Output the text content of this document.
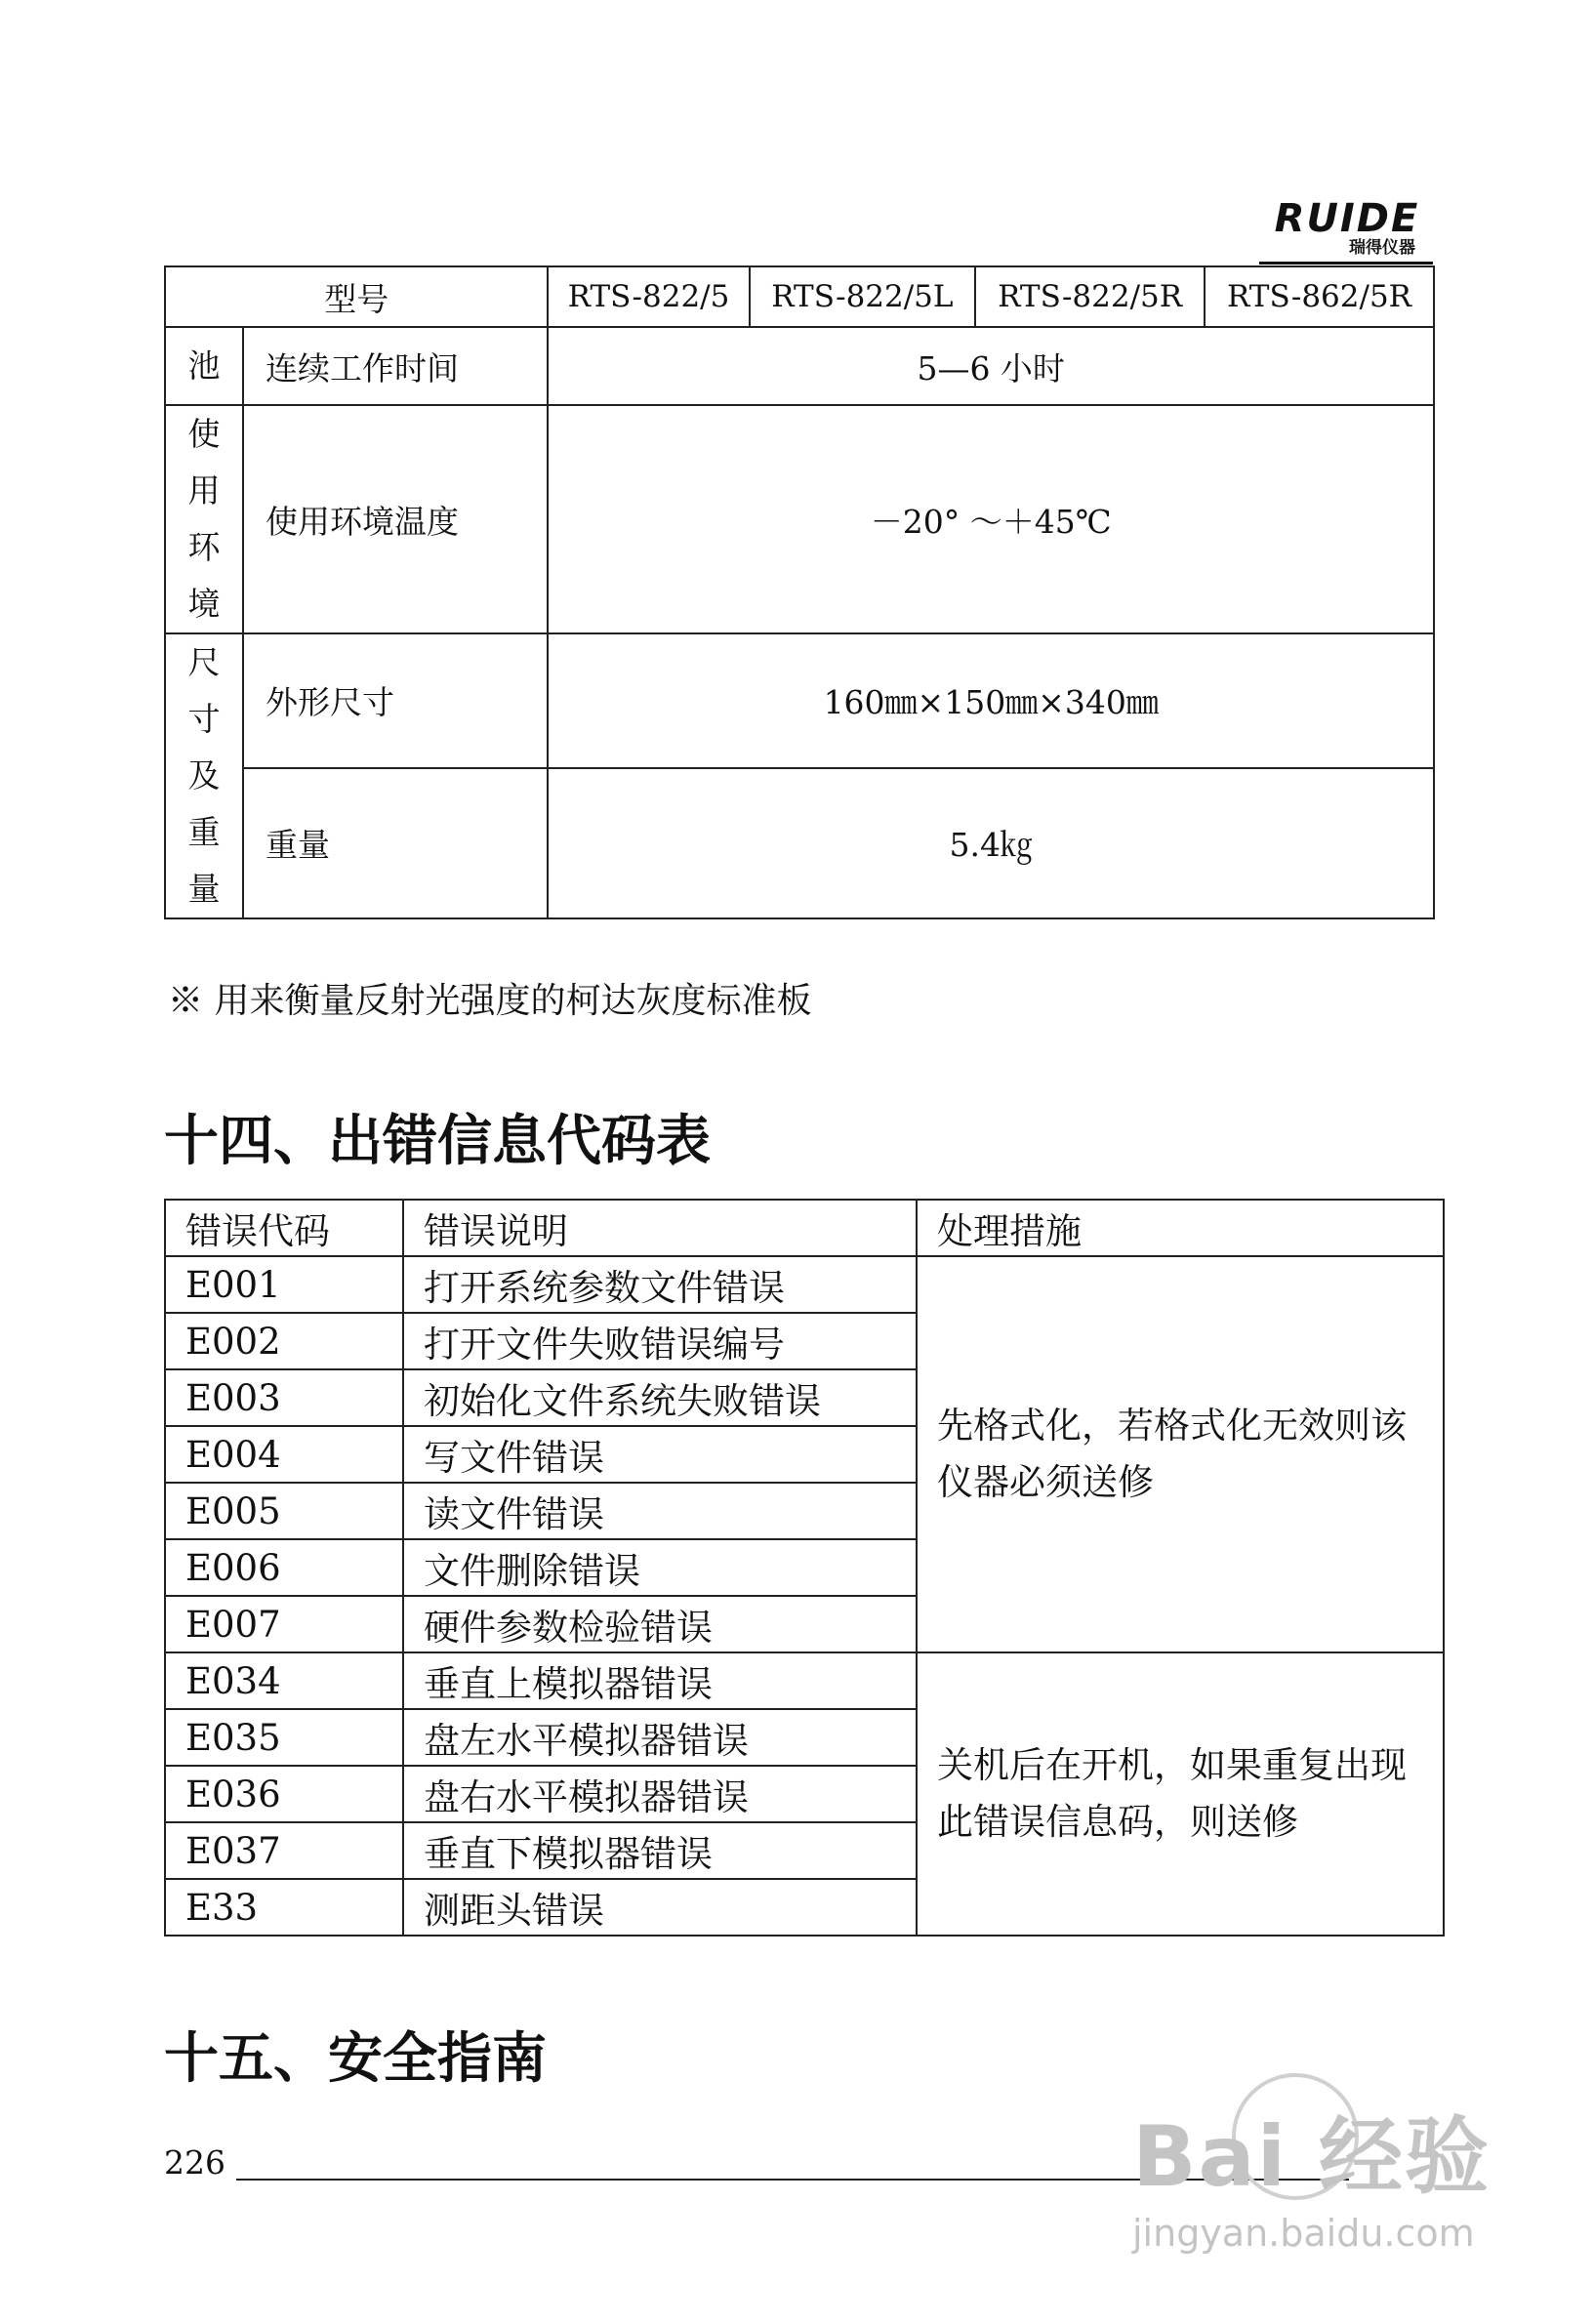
RUIDE
瑞得仪器
型号		RTS-822/5	RTS-822/5L	RTS-822/5R	RTS-862/5R
池	连续工作时间	5—6 小时			

使
用
环
境	使用环境温度	－20° ～＋45℃			

尺
寸
及
重
量	外形尺寸	160㎜×150㎜×340㎜			
	重量	5.4㎏			
※ 用来衡量反射光强度的柯达灰度标准板
十四、出错信息代码表
错误代码	错误说明	处理措施
E001	打开系统参数文件错误	先格式化，若格式化无效则该仪器必须送修
E002	打开文件失败错误编号	
E003	初始化文件系统失败错误	
E004	写文件错误	
E005	读文件错误	
E006	文件删除错误	
E007	硬件参数检验错误	
E034	垂直上模拟器错误	关机后在开机，如果重复出现此错误信息码，则送修
E035	盘左水平模拟器错误	
E036	盘右水平模拟器错误	
E037	垂直下模拟器错误	
E33	测距头错误	
十五、安全指南
226	Bai 经验
jingyan.baidu.com
